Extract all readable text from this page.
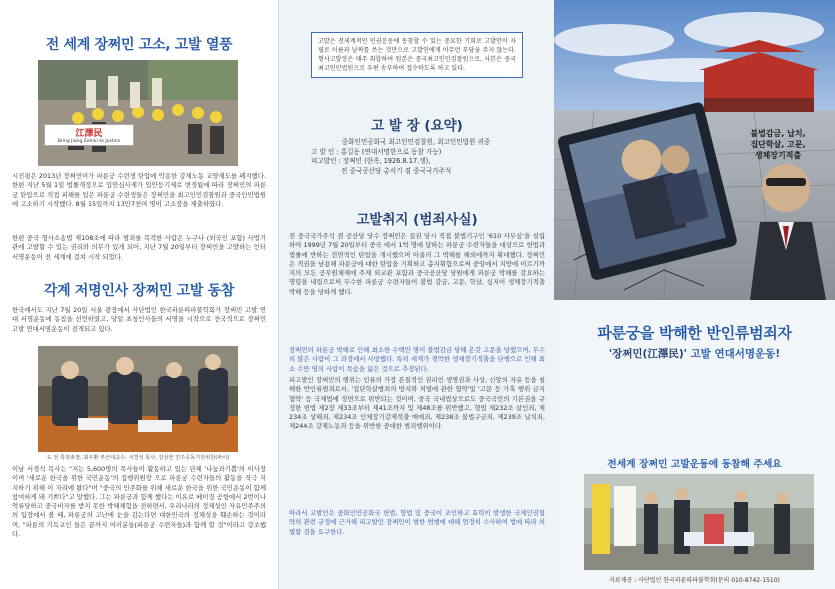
전 세계 장쩌민 고소, 고발 열풍
江澤民
Bring Jiang Zemin to Justice

시진핑은 2013년 장쩌민이가 파룬궁 수련생 탄압에 악용한 강제노동 교양제도를 폐지했다. 한편 지난 5월 1일 법률개정으로 입안심사제가 입안등기제로 변경됨에 따라 장쩌민의 파룬궁 탄압으로 직접 피해를 입은 파룬궁 수련생들은 장쩌민을 최고인민검찰원과 중국인민법원에 고소하기 시작했다. 8월 15일까지 13만7천여 명이 고소장을 제출하였다.

한편 중국 형사소송법 제108조에 따라 범죄를 목격한 사람은 누구나 (외국인 포함) 사법기관에 고발할 수 있는 권리와 의무가 있게 되어, 지난 7월 20일부터 장쩌민을 고발하는 인터 서명운동이 전 세계에 걸쳐 시작 되었다.

각계 저명인사 장쩌민 고발 동참

한국에서도 지난 7월 20일 서울 광장에서 사단법인 한국파룬따파불학회가 장쩌민 고발 연대 서명운동에 동참을 선언하였고, 당일 초청인사들의 서명을 시작으로 전국적으로 장쩌민 고발 연대서명운동이 전개되고 있다.

도 전 특검총장, 최우환 부산대교수, 서경석 목사, 김상헌 민주공동기원위원(파이)

이날 서경석 목사는 "저는 5,600명의 목사들이 활동하고 있는 단체 '나눔과기쁨'의 이사장이며 '새로운 한국을 위한 국민운동'의 집행위원장 으로 파룬궁 수련자들의 활동을 적극 지지하기 위해 이 자리에 왔다"며 "중국의 민주화를 위해 새로운 한국을 위한 국민운동이 함께 참여하게 돼 기쁘다"고 말했다. 그는 파룬궁과 함께 했다는 이유로 베이징 공항에서 2번이나 억류당하고 중국비자를 받지 못한 박해체험을 전하면서, 우리나라의 정체성인 자유민주주의의 입장에서 볼 때, 파룬궁의 고난에 눈을 감는다면 대한민국의 정체성을 훼손하는 것이라며, "파룬의 기독교인 들은 끝까지 여러분들(파룬궁 수련자들)과 함께 할 것"이라고 강조했다.

고발은 전세계적인 인권운동에 동참할 수 있는 중요한 기회로 고발인이 자필로 이름과 날짜를 쓰는 것만으로 고발인에게 아무런 부담을 주지 않는다. 형사고발장은 매주 취합하여 원본은 중국최고인민검찰원으로, 사본은 중국최고인민법원으로 우편 송부하여 접수하도록 하고 있다.

고 발 장 (요약)
중화인민공화국 최고인민검찰원, 최고인민법원 귀중
고 발 인 : 홍길동 (연대서명한으로 동참 가능)
피고발인 : 장쩌민 (한족, 1926.8.17.생),
전 중국공산당 총서기 겸 중국국가주석
고발취지 (범죄사실)

전 중국국가주석 겸 공산당 당수 장쩌민은 집권 당시 직접 불법기구인 '610 사무실'을 설립하여 1999년 7월 20일부터 중국 에서 1억 명에 달하는 파룬궁 수련자들을 대상으로 헌법과 법률에 반하는 전면적인 탄압을 개시했으며 아울러 그 박해를 해외에까지 확대했다. 장쩌민은 직권을 남용해 파룬궁에 대한 탄압을 기획하고 총지휘함으로써 중앙에서 지방에 이르기까지의 모든 공무원체제에 주재 외교관 포함과 중국공산당 당원에게 파룬궁 박해를 감요하는 명령을 내림으로써 무수한 파룬궁 수련자들이 불법 감금, 고문, 학살, 심지어 생체장기적출 박해 등을 당하게 했다.

장쩌민의 파룬궁 박해로 인해 최소한 수백만 명이 불법감금 당해 온갖 고문을 당했으며, 무수히 많은 사람이 그 과정에서 사망했다. 특히 세계가 경악한 생체장기적출을 단행으로 인해 최소 수만 명의 사람이 목숨을 잃은 것으로 추정된다.

피고발인 장쩌민의 행위는 인류의 가장 본질적인 권리인 생명권과 사상, 신앙의 자유 등을 침해한 반인류범죄로서, '집단학살범죄의 방지와 처벌에 관한 협약'및 '고문 등 가혹 행위 금지 협약' 등 국제법에 정면으로 위반되는 것이며, 중국 국내법상으로도 중국국민의 기본권을 규정한 헌법 제2장 제33조부터 제41조까지 및 제48조를 위반했고, 형법 제232조 살인죄, 제234조 상해죄, 제234조 인체장기강제적출 매매죄, 제238조 불법구금죄, 제239조 납치죄, 제244조 강제노동죄 등을 위반한 중대한 범죄행위이다.

따라서 고발인은 중화인민공화국 헌법, 형법 및 중국이 조인하고 효력이 발생한 국제인권협약의 관련 규정에 근거해 피고발인 장쩌민이 범한 범행에 대해 엄정히 수사하여 법에 따라 처벌할 것을 요구한다.

불법감금, 납치,
집단학살, 고문,
생체장기적출
파룬궁을 박해한 반인류범죄자
'장쩌민(江澤民)' 고발 연대서명운동!
전세계 장쩌민 고발운동에 동참해 주세요
자료제공 : 사단법인 한국파룬따파불학회(문의 010-8742-1510)
